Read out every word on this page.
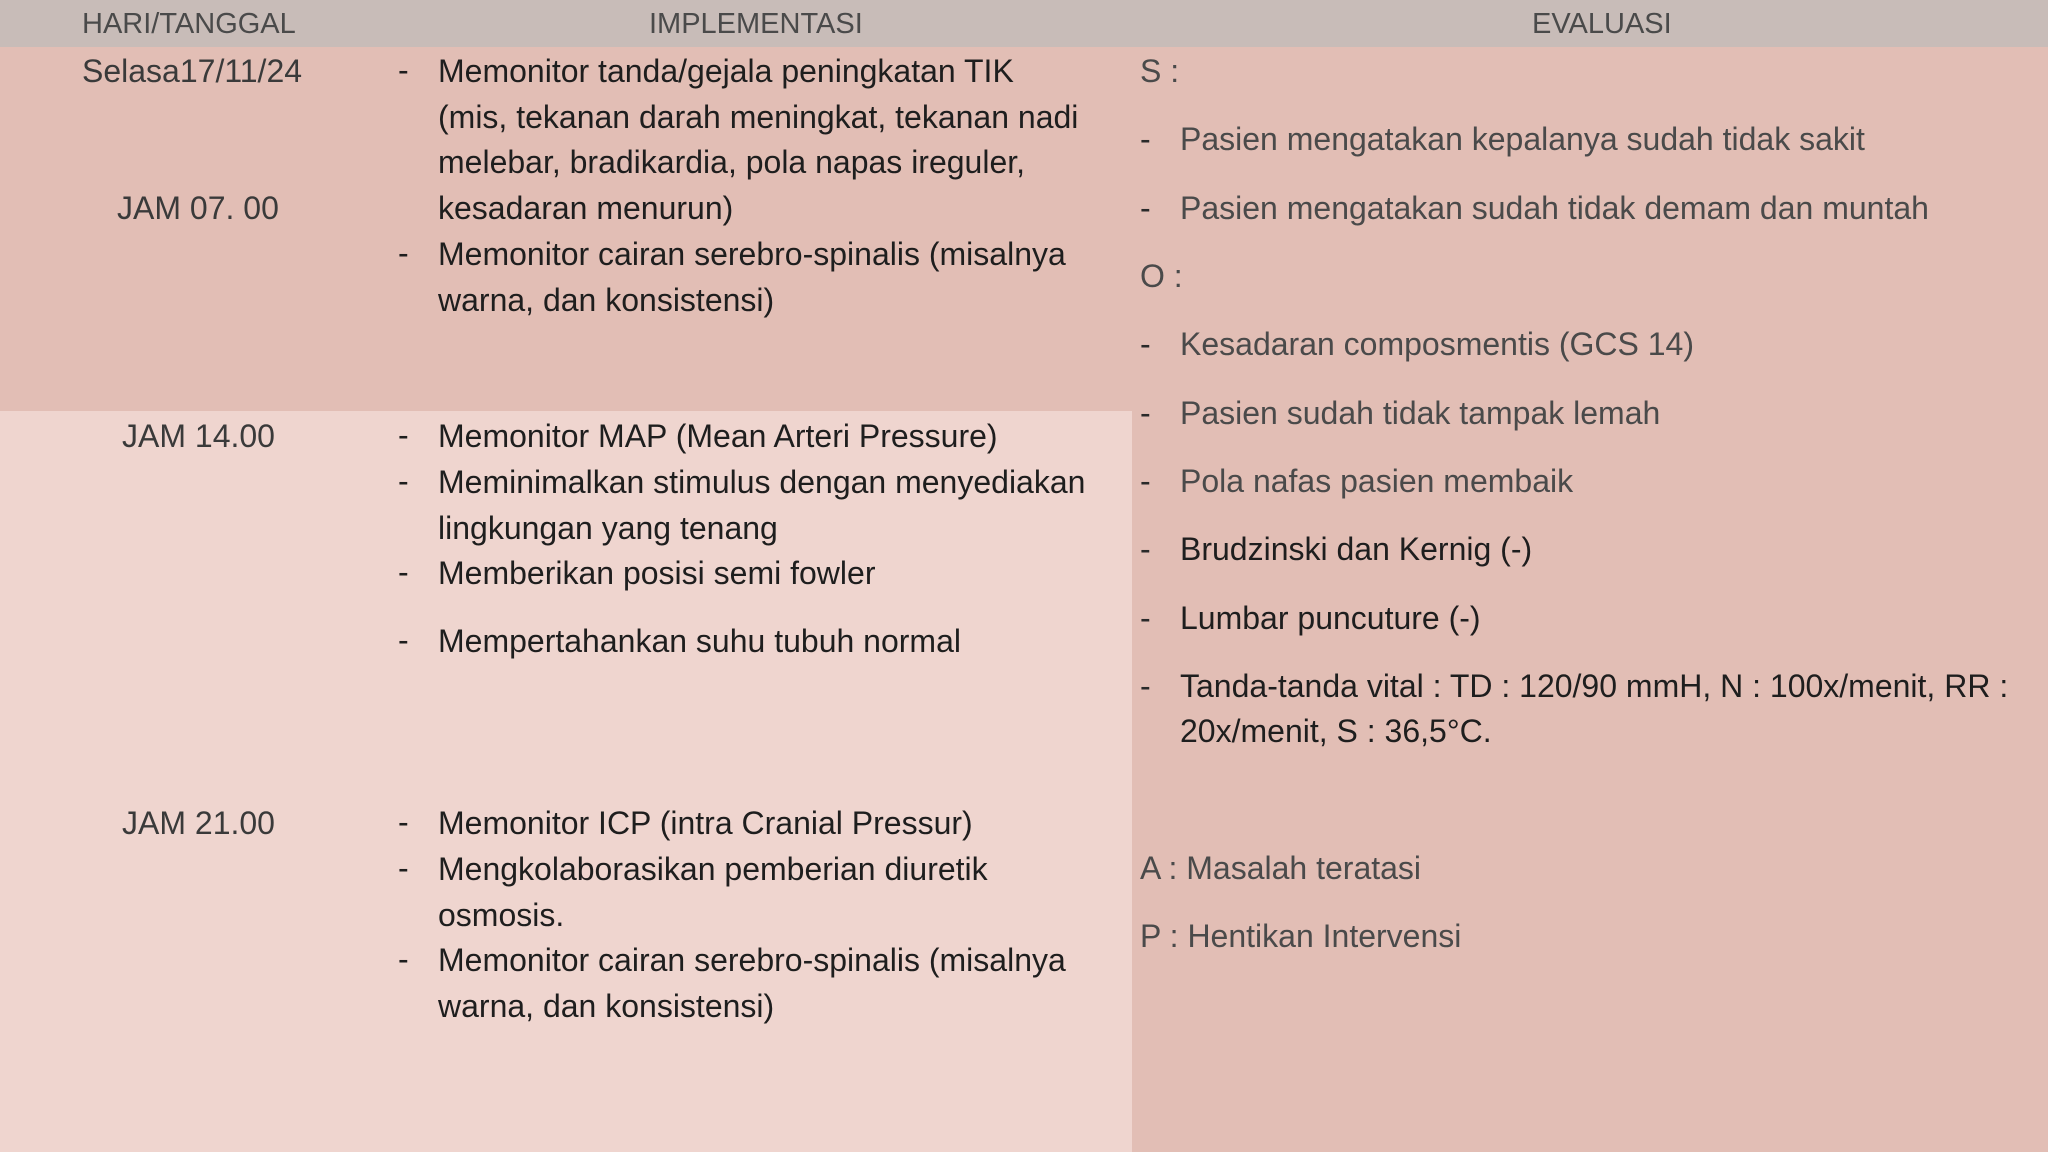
HARI/TANGGAL	IMPLEMENTASI	EVALUASI
Selasa17/11/24
JAM 07. 00
JAM 14.00
JAM 21.00
- Memonitor tanda/gejala peningkatan TIK
(mis, tekanan darah meningkat, tekanan nadi
melebar, bradikardia, pola napas ireguler,
kesadaran menurun)
- Memonitor cairan serebro-spinalis (misalnya
warna, dan konsistensi)
- Memonitor MAP (Mean Arteri Pressure)
- Meminimalkan stimulus dengan menyediakan
lingkungan yang tenang
- Memberikan posisi semi fowler
- Mempertahankan suhu tubuh normal
- Memonitor ICP (intra Cranial Pressur)
- Mengkolaborasikan pemberian diuretik
osmosis.
- Memonitor cairan serebro-spinalis (misalnya
warna, dan konsistensi)
S :
- Pasien mengatakan kepalanya sudah tidak sakit
- Pasien mengatakan sudah tidak demam dan muntah
O :
- Kesadaran composmentis (GCS 14)
- Pasien sudah tidak tampak lemah
- Pola nafas pasien membaik
- Brudzinski dan Kernig (-)
- Lumbar puncuture (-)
- Tanda-tanda vital : TD : 120/90 mmH, N : 100x/menit, RR :
20x/menit, S : 36,5°C.
A : Masalah teratasi
P : Hentikan Intervensi
